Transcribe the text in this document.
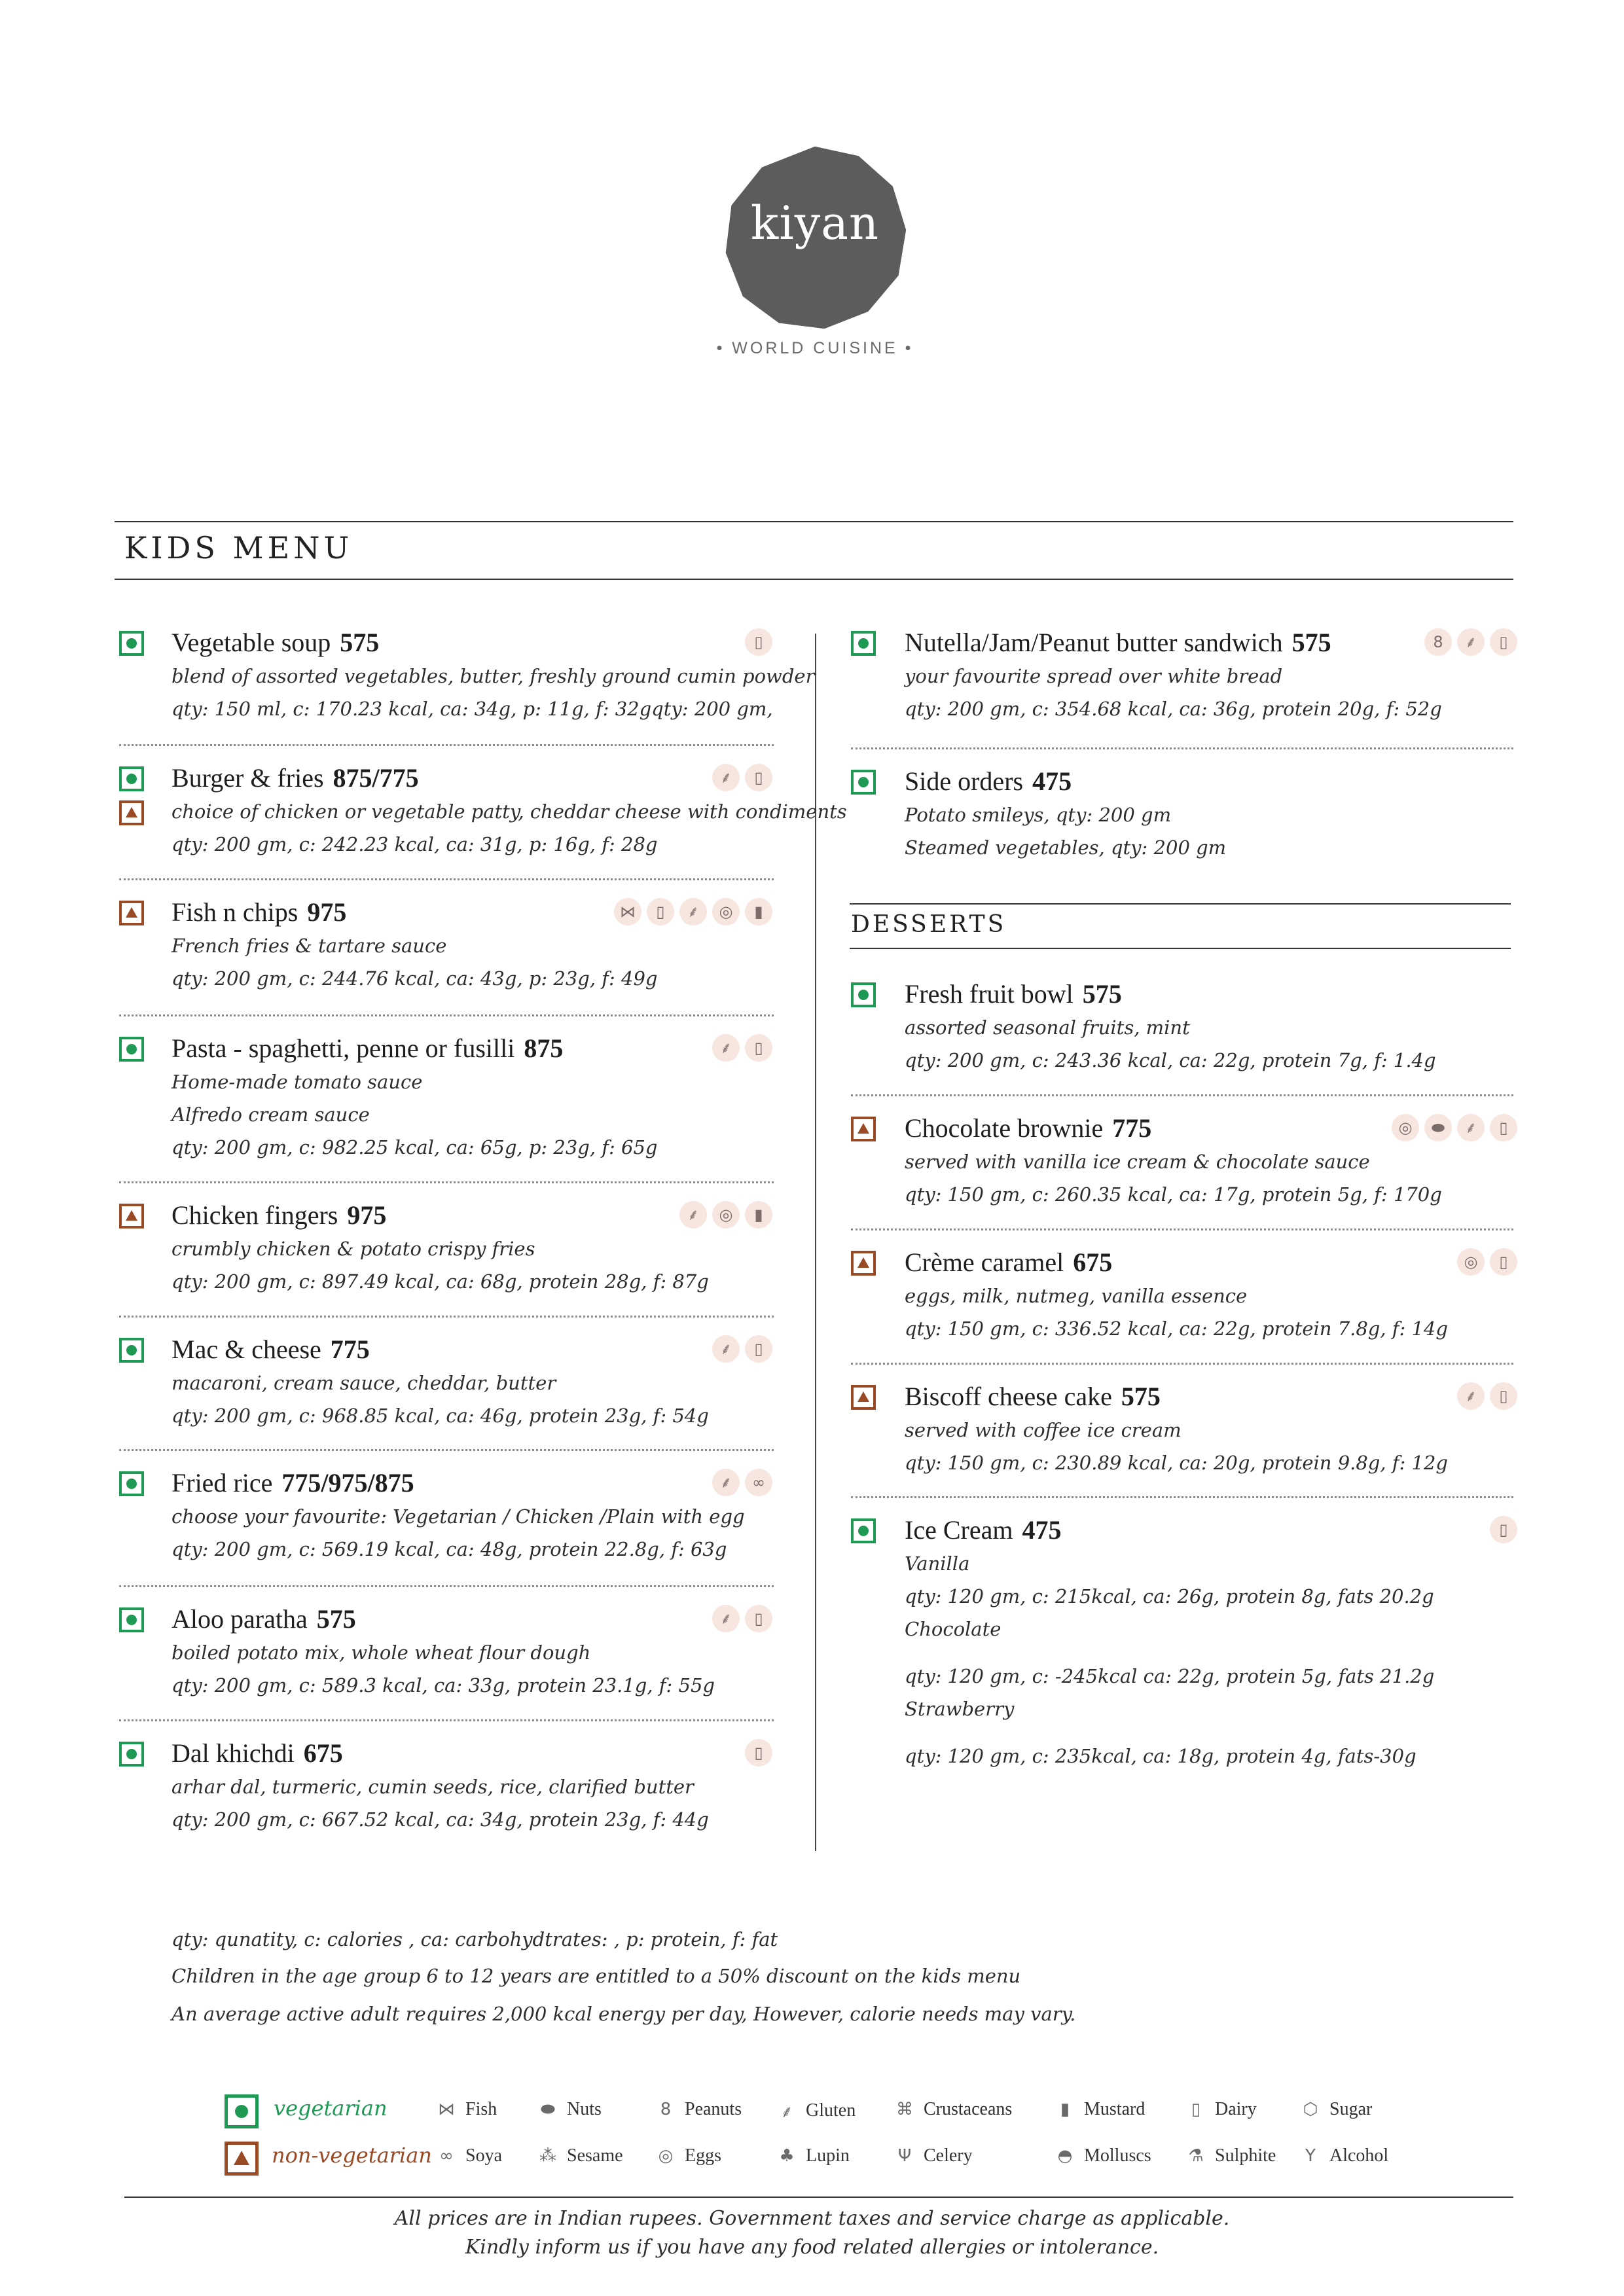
kiyan
• WORLD CUISINE •
KIDS MENU
Vegetable soup 575
blend of assorted vegetables, butter, freshly ground cumin powder
qty: 150 ml, c: 170.23 kcal, ca: 34g, p: 11g, f: 32gqty: 200 gm,
▯
Burger & fries 875/775
choice of chicken or vegetable patty, cheddar cheese with condiments
qty: 200 gm, c: 242.23 kcal, ca: 31g, p: 16g, f: 28g
⸙	▯
Fish n chips 975
French fries & tartare sauce
qty: 200 gm, c: 244.76 kcal, ca: 43g, p: 23g, f: 49g
⋈	▯	⸙	◎	▮
Pasta - spaghetti, penne or fusilli 875
Home-made tomato sauce
Alfredo cream sauce
qty: 200 gm, c: 982.25 kcal, ca: 65g, p: 23g, f: 65g
⸙	▯
Chicken fingers 975
crumbly chicken & potato crispy fries
qty: 200 gm, c: 897.49 kcal, ca: 68g, protein 28g, f: 87g
⸙	◎	▮
Mac & cheese 775
macaroni, cream sauce, cheddar, butter
qty: 200 gm, c: 968.85 kcal, ca: 46g, protein 23g, f: 54g
⸙	▯
Fried rice 775/975/875
choose your favourite: Vegetarian / Chicken /Plain with egg
qty: 200 gm, c: 569.19 kcal, ca: 48g, protein 22.8g, f: 63g
⸙	∞
Aloo paratha 575
boiled potato mix, whole wheat flour dough
qty: 200 gm, c: 589.3 kcal, ca: 33g, protein 23.1g, f: 55g
⸙	▯
Dal khichdi 675
arhar dal, turmeric, cumin seeds, rice, clarified butter
qty: 200 gm, c: 667.52 kcal, ca: 34g, protein 23g, f: 44g
▯
Nutella/Jam/Peanut butter sandwich 575
your favourite spread over white bread
qty: 200 gm, c: 354.68 kcal, ca: 36g, protein 20g, f: 52g
8	⸙	▯
Side orders 475
Potato smileys, qty: 200 gm
Steamed vegetables, qty: 200 gm
DESSERTS
Fresh fruit bowl 575
assorted seasonal fruits, mint
qty: 200 gm, c: 243.36 kcal, ca: 22g, protein 7g, f: 1.4g
Chocolate brownie 775
served with vanilla ice cream & chocolate sauce
qty: 150 gm, c: 260.35 kcal, ca: 17g, protein 5g, f: 170g
◎	⬬	⸙	▯
Crème caramel 675
eggs, milk, nutmeg, vanilla essence
qty: 150 gm, c: 336.52 kcal, ca: 22g, protein 7.8g, f: 14g
◎	▯
Biscoff cheese cake 575
served with coffee ice cream
qty: 150 gm, c: 230.89 kcal, ca: 20g, protein 9.8g, f: 12g
⸙	▯
Ice Cream 475
Vanilla
qty: 120 gm, c: 215kcal, ca: 26g, protein 8g, fats 20.2g
Chocolate
qty: 120 gm, c: -245kcal ca: 22g, protein 5g, fats 21.2g
Strawberry
qty: 120 gm, c: 235kcal, ca: 18g, protein 4g, fats-30g
▯
qty: qunatity, c: calories , ca: carbohydtrates: , p: protein, f: fat
Children in the age group 6 to 12 years are entitled to a 50% discount on the kids menu
An average active adult requires 2,000 kcal energy per day, However, calorie needs may vary.
vegetarian
non-vegetarian
⋈ Fish	⬬ Nuts	8 Peanuts ⸙ Gluten ⌘ Crustaceans	▮ Mustard	▯ Dairy	⬡ Sugar
∞ Soya ⁂ Sesame ◎ Eggs	♣ Lupin	Ψ Celery	◓ Molluscs ⚗ Sulphite	Y Alcohol
All prices are in Indian rupees. Government taxes and service charge as applicable.
Kindly inform us if you have any food related allergies or intolerance.
